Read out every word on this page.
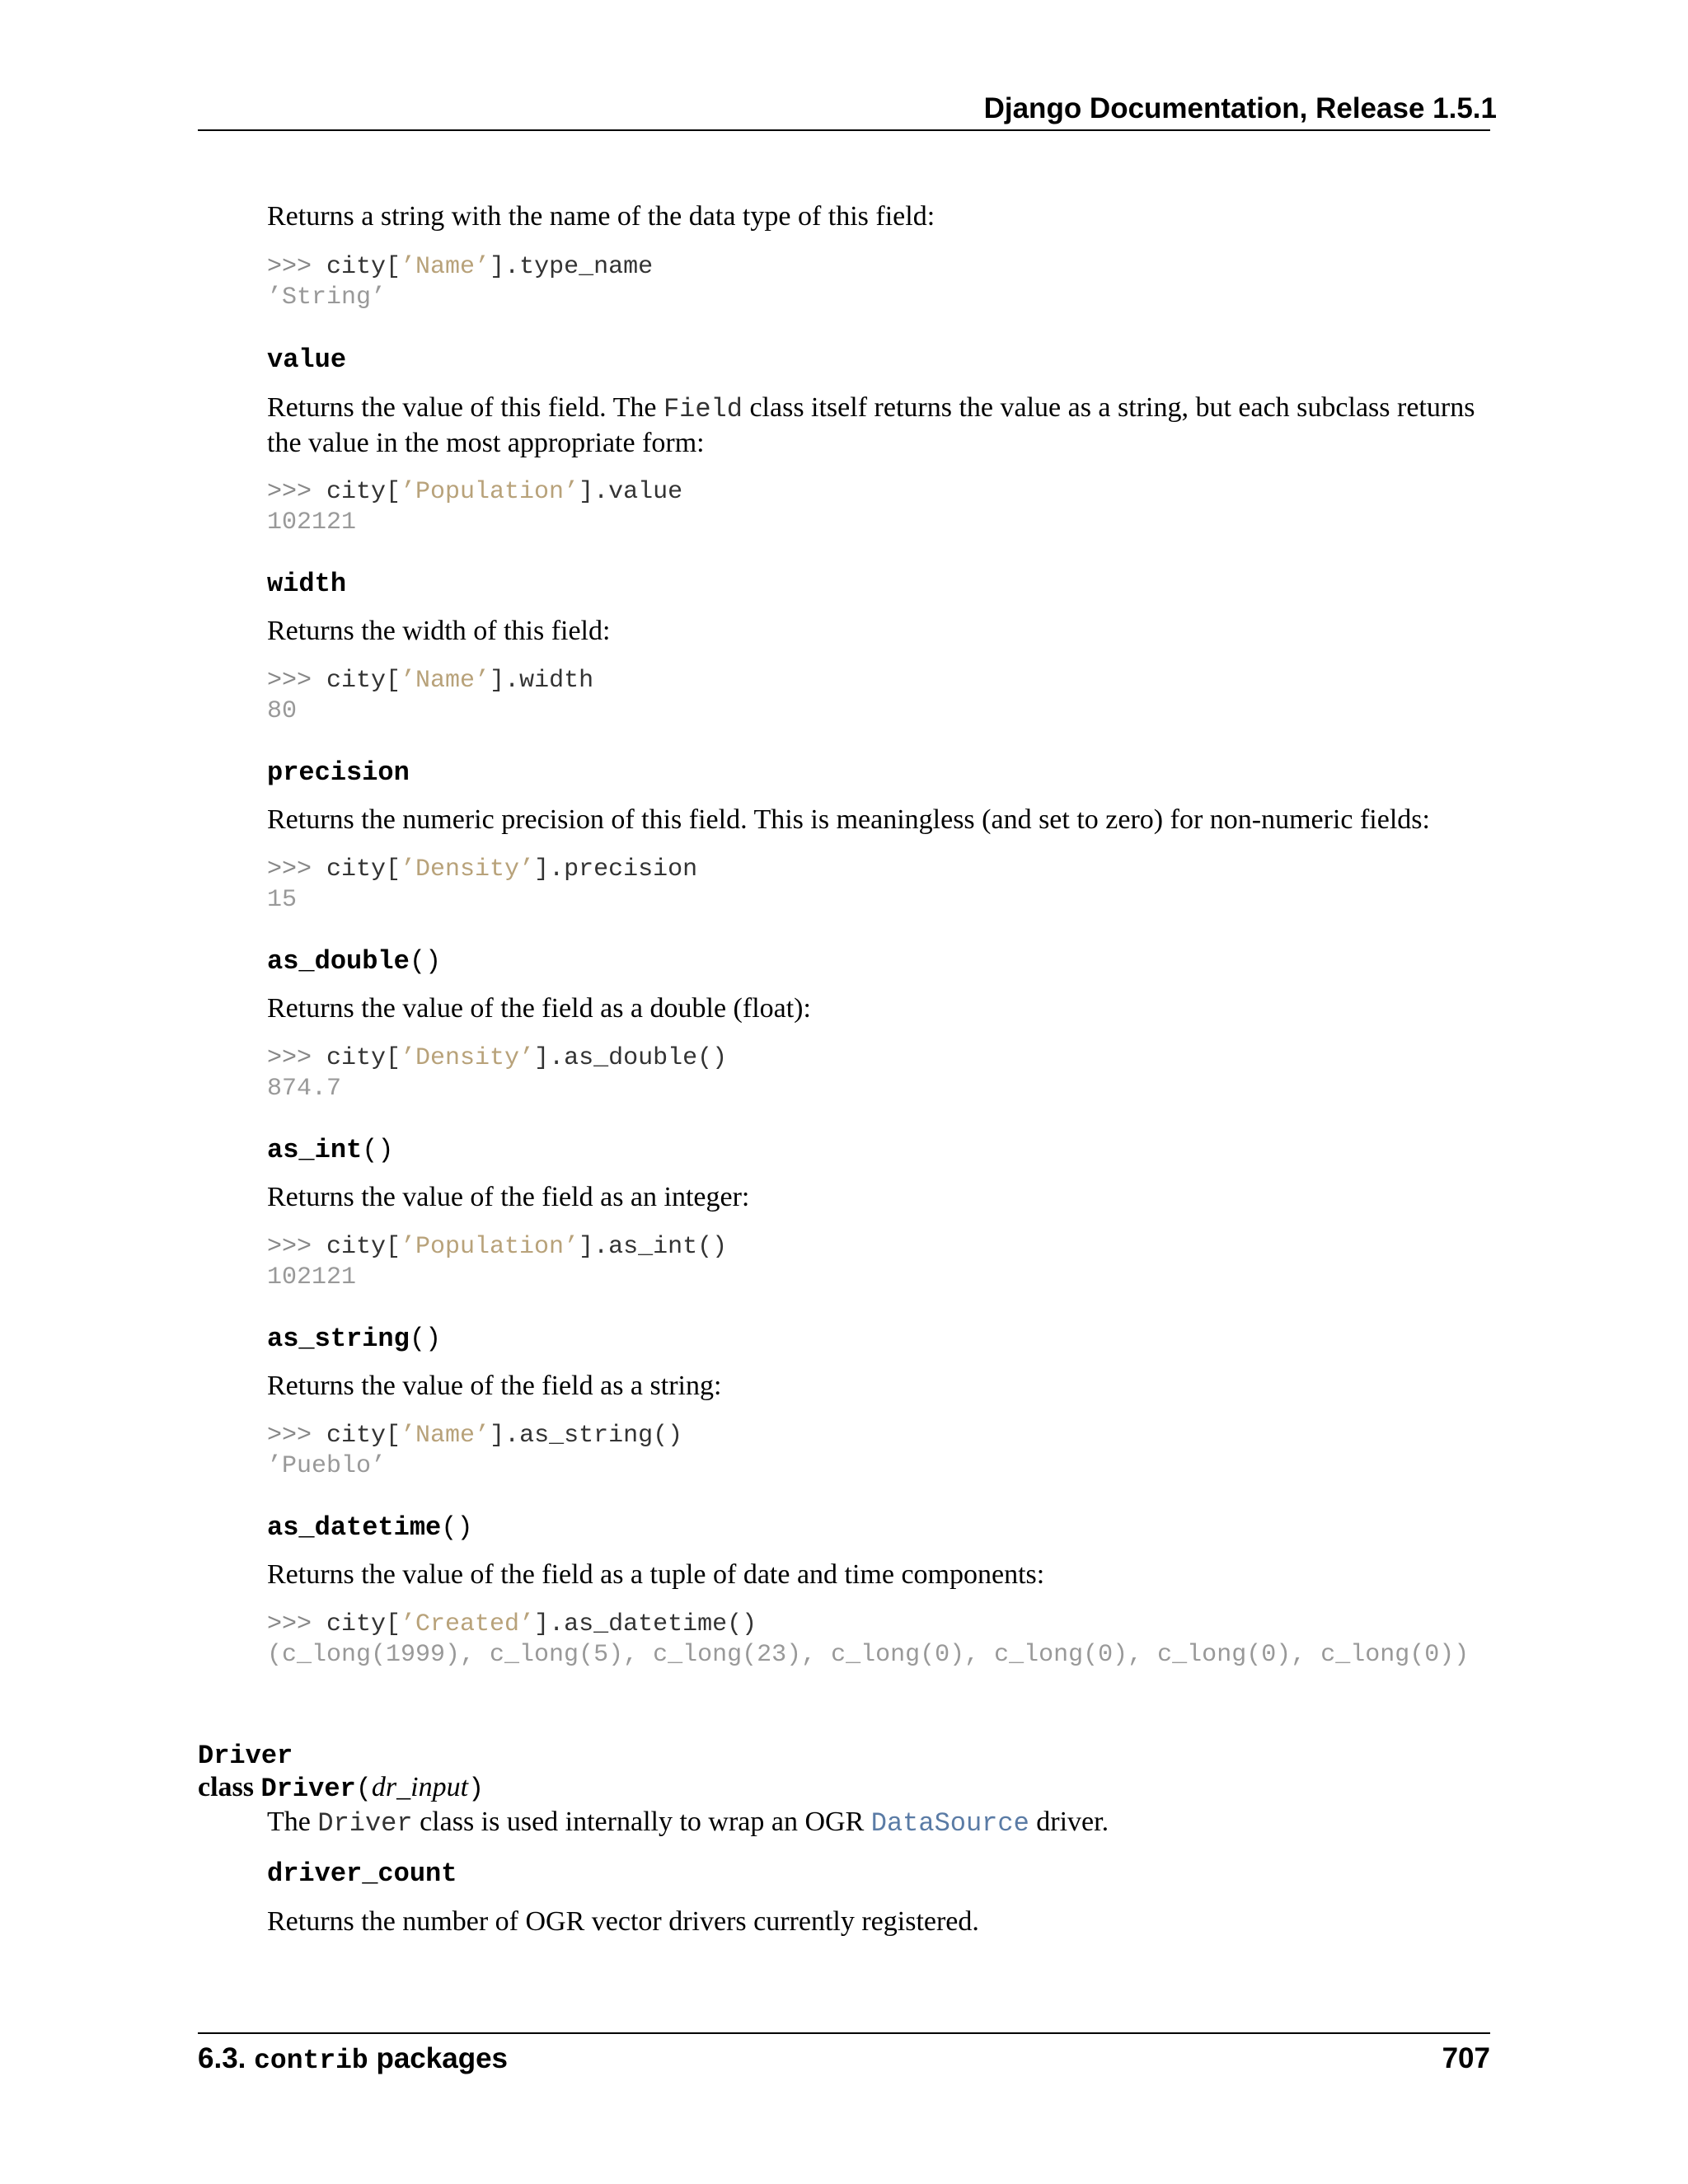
Django Documentation, Release 1.5.1
Returns a string with the name of the data type of this field:
>>> city[’Name’].type_name
’String’
value
Returns the value of this field. The Field class itself returns the value as a string, but each subclass returns the value in the most appropriate form:
>>> city[’Population’].value
102121
width
Returns the width of this field:
>>> city[’Name’].width
80
precision
Returns the numeric precision of this field. This is meaningless (and set to zero) for non-numeric fields:
>>> city[’Density’].precision
15
as_double()
Returns the value of the field as a double (float):
>>> city[’Density’].as_double()
874.7
as_int()
Returns the value of the field as an integer:
>>> city[’Population’].as_int()
102121
as_string()
Returns the value of the field as a string:
>>> city[’Name’].as_string()
’Pueblo’
as_datetime()
Returns the value of the field as a tuple of date and time components:
>>> city[’Created’].as_datetime()
(c_long(1999), c_long(5), c_long(23), c_long(0), c_long(0), c_long(0), c_long(0))
Driver
class Driver(dr_input)
The Driver class is used internally to wrap an OGR DataSource driver.
driver_count
Returns the number of OGR vector drivers currently registered.
6.3. contrib packages	707
